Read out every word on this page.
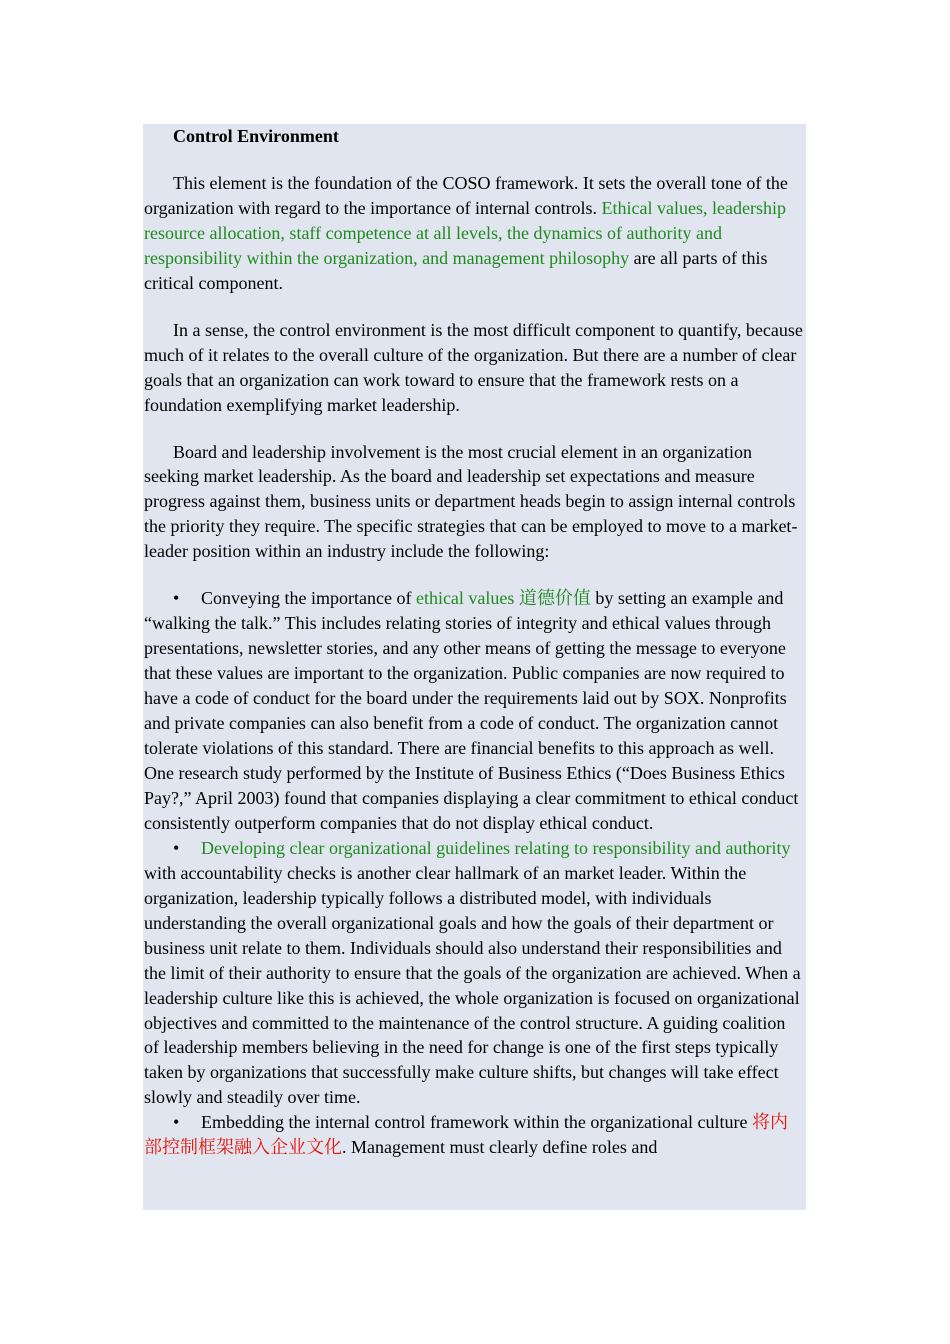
Control Environment

This element is the foundation of the COSO framework. It sets the overall tone of the organization with regard to the importance of internal controls. Ethical values, leadership resource allocation, staff competence at all levels, the dynamics of authority and responsibility within the organization, and management philosophy are all parts of this critical component.

In a sense, the control environment is the most difficult component to quantify, because much of it relates to the overall culture of the organization. But there are a number of clear goals that an organization can work toward to ensure that the framework rests on a foundation exemplifying market leadership.

Board and leadership involvement is the most crucial element in an organization seeking market leadership. As the board and leadership set expectations and measure progress against them, business units or department heads begin to assign internal controls the priority they require. The specific strategies that can be employed to move to a market-leader position within an industry include the following:

• Conveying the importance of ethical values 道德价值 by setting an example and “walking the talk.” This includes relating stories of integrity and ethical values through presentations, newsletter stories, and any other means of getting the message to everyone that these values are important to the organization. Public companies are now required to have a code of conduct for the board under the requirements laid out by SOX. Nonprofits and private companies can also benefit from a code of conduct. The organization cannot tolerate violations of this standard. There are financial benefits to this approach as well. One research study performed by the Institute of Business Ethics (“Does Business Ethics Pay?,” April 2003) found that companies displaying a clear commitment to ethical conduct consistently outperform companies that do not display ethical conduct.

• Developing clear organizational guidelines relating to responsibility and authority with accountability checks is another clear hallmark of an market leader. Within the organization, leadership typically follows a distributed model, with individuals understanding the overall organizational goals and how the goals of their department or business unit relate to them. Individuals should also understand their responsibilities and the limit of their authority to ensure that the goals of the organization are achieved. When a leadership culture like this is achieved, the whole organization is focused on organizational objectives and committed to the maintenance of the control structure. A guiding coalition of leadership members believing in the need for change is one of the first steps typically taken by organizations that successfully make culture shifts, but changes will take effect slowly and steadily over time.

• Embedding the internal control framework within the organizational culture 将内部控制框架融入企业文化. Management must clearly define roles and
